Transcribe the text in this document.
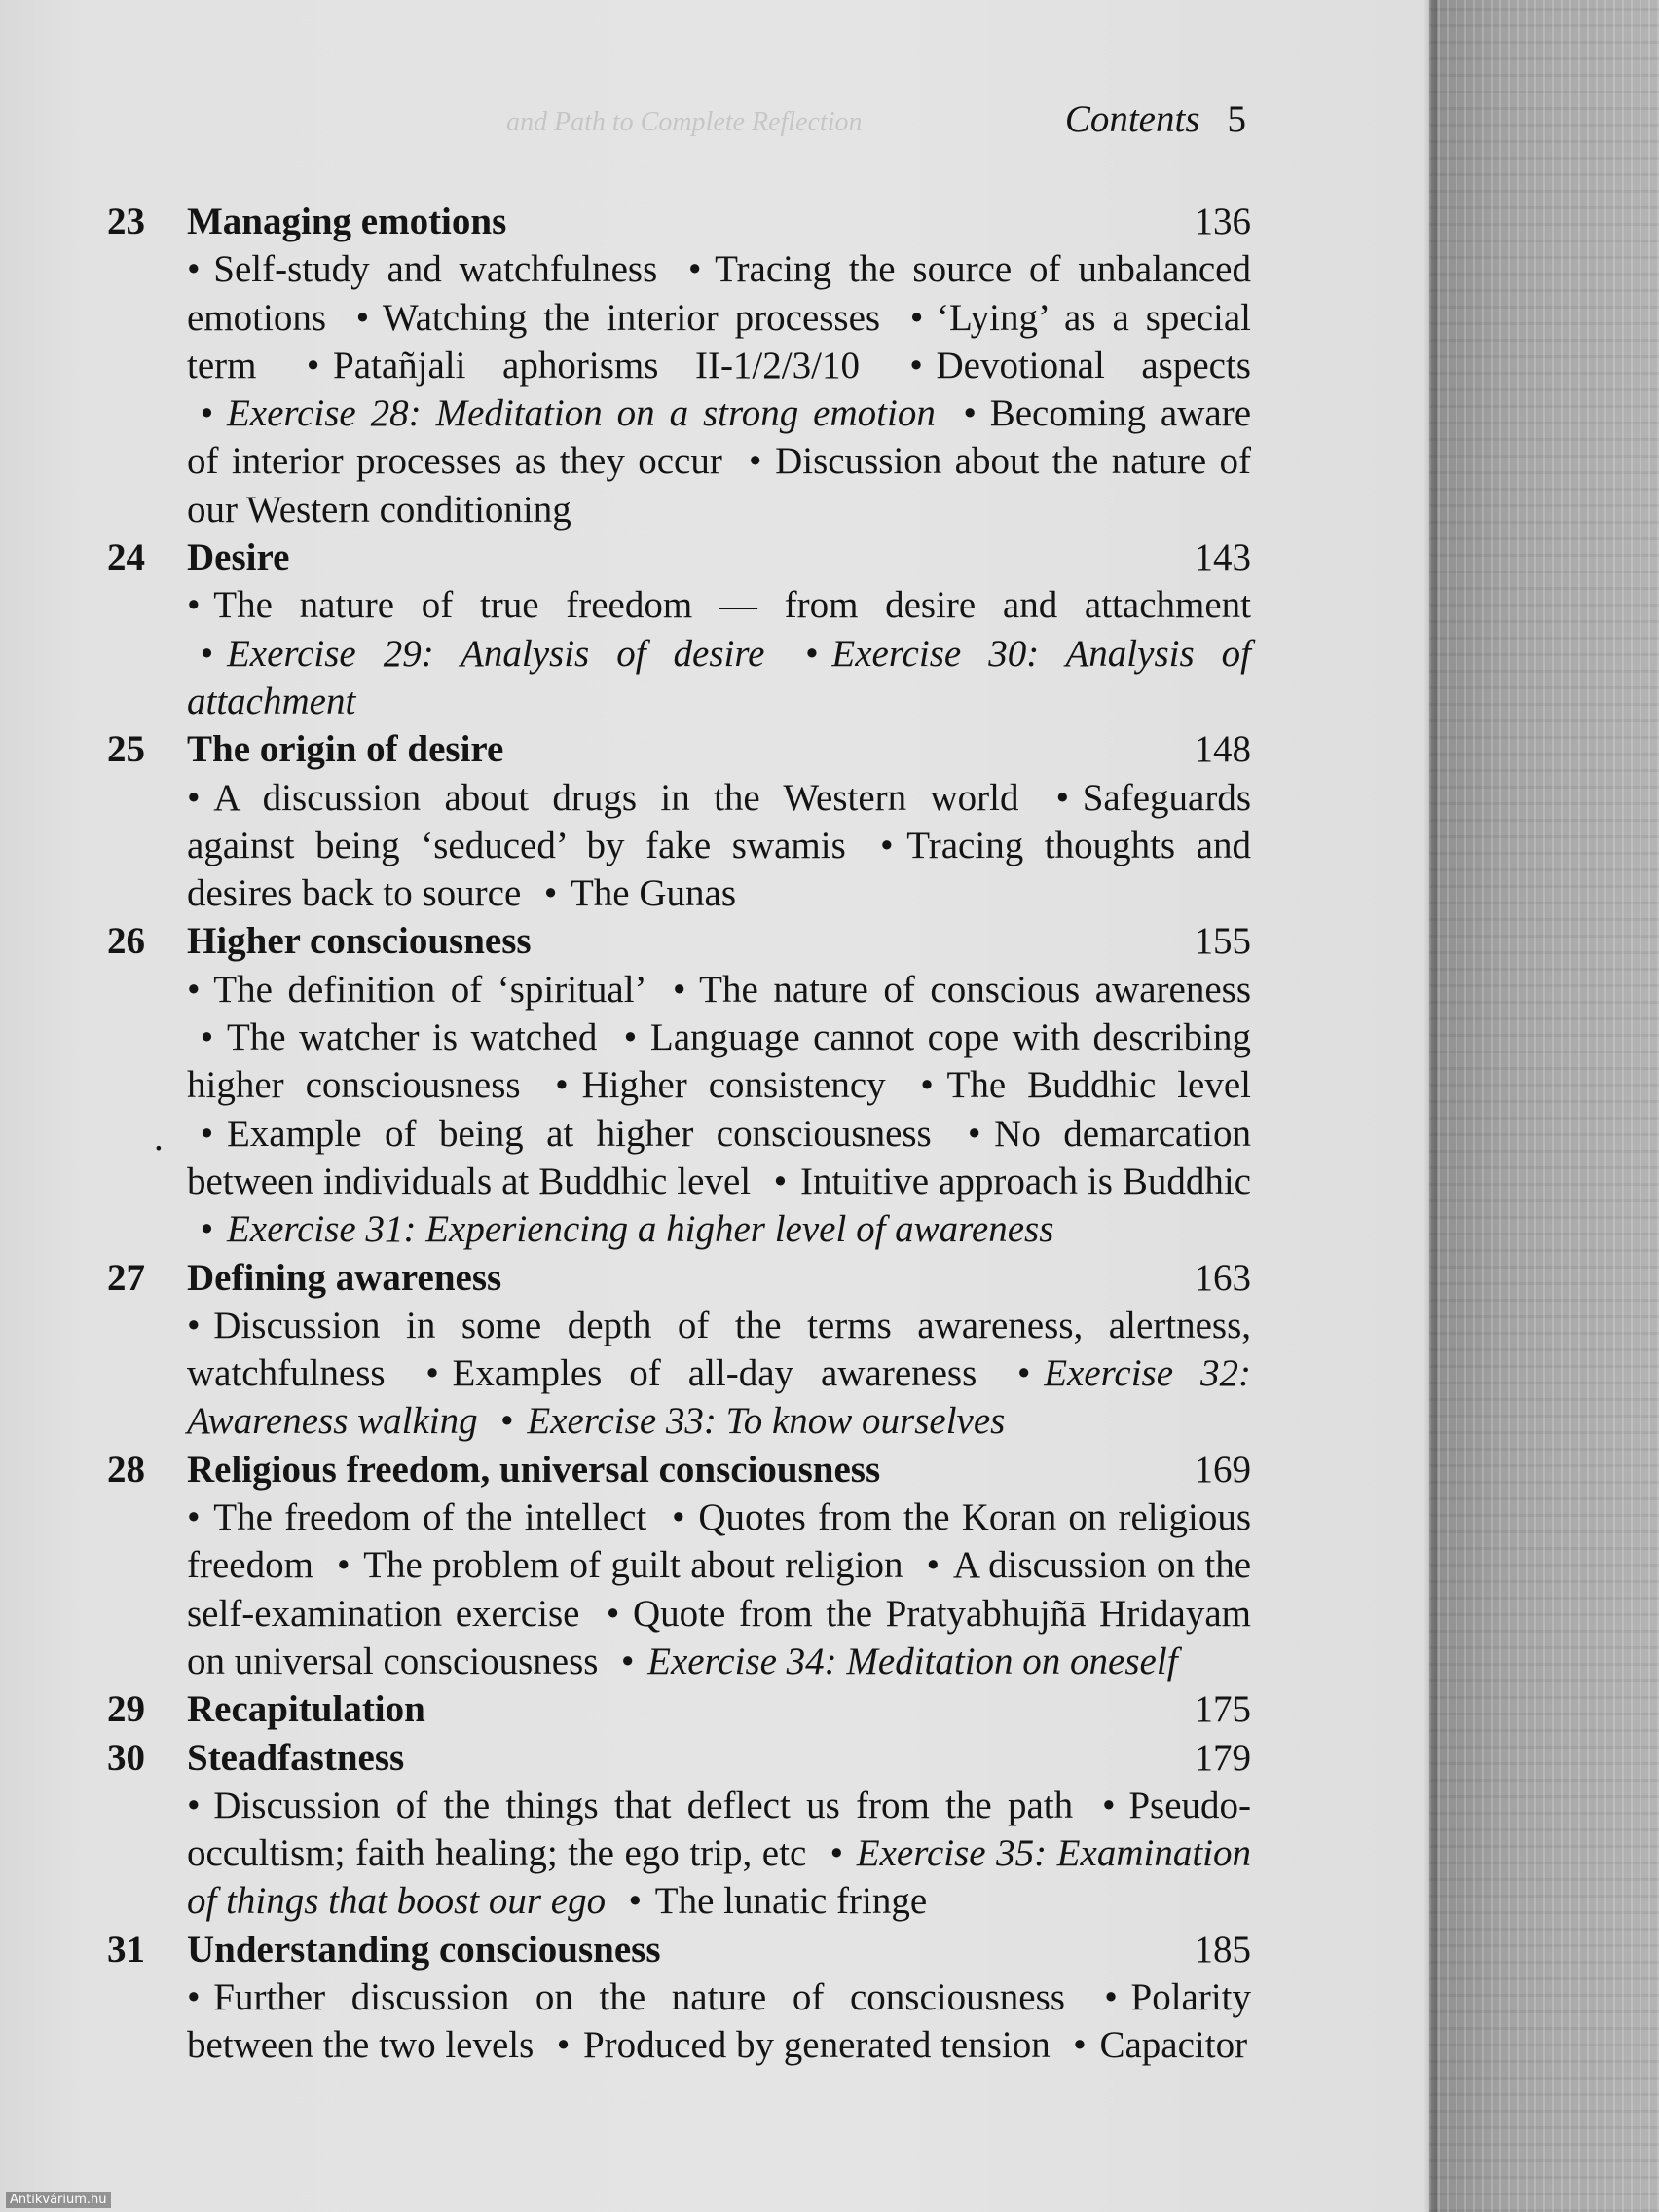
and Path to Complete Reflection	Contents 5
23 Managing emotions	136
• Self-study and watchfulness • Tracing the source of unbalanced emotions • Watching the interior processes • ‘Lying’ as a special term • Patañjali aphorisms II-1/2/3/10 • Devotional aspects • Exercise 28: Meditation on a strong emotion • Becoming aware of interior processes as they occur • Discussion about the nature of our Western conditioning
24 Desire	143
• The nature of true freedom — from desire and attachment • Exercise 29: Analysis of desire • Exercise 30: Analysis of attachment
25 The origin of desire	148
• A discussion about drugs in the Western world • Safeguards against being ‘seduced’ by fake swamis • Tracing thoughts and desires back to source • The Gunas
26 Higher consciousness	155
• The definition of ‘spiritual’ • The nature of conscious awareness • The watcher is watched • Language cannot cope with describing higher consciousness • Higher consistency • The Buddhic level • Example of being at higher consciousness • No demarcation between individuals at Buddhic level • Intuitive approach is Buddhic • Exercise 31: Experiencing a higher level of awareness
27 Defining awareness	163
• Discussion in some depth of the terms awareness, alertness, watchfulness • Examples of all-day awareness • Exercise 32: Awareness walking • Exercise 33: To know ourselves
28 Religious freedom, universal consciousness	169
• The freedom of the intellect • Quotes from the Koran on religious freedom • The problem of guilt about religion • A discussion on the self-examination exercise • Quote from the Pratyabhujñā Hridayam on universal consciousness • Exercise 34: Meditation on oneself
29 Recapitulation	175
30 Steadfastness	179
• Discussion of the things that deflect us from the path • Pseudo-occultism; faith healing; the ego trip, etc • Exercise 35: Examination of things that boost our ego • The lunatic fringe
31 Understanding consciousness	185
• Further discussion on the nature of consciousness • Polarity between the two levels • Produced by generated tension • Capacitor
.
Antikvárium.hu
